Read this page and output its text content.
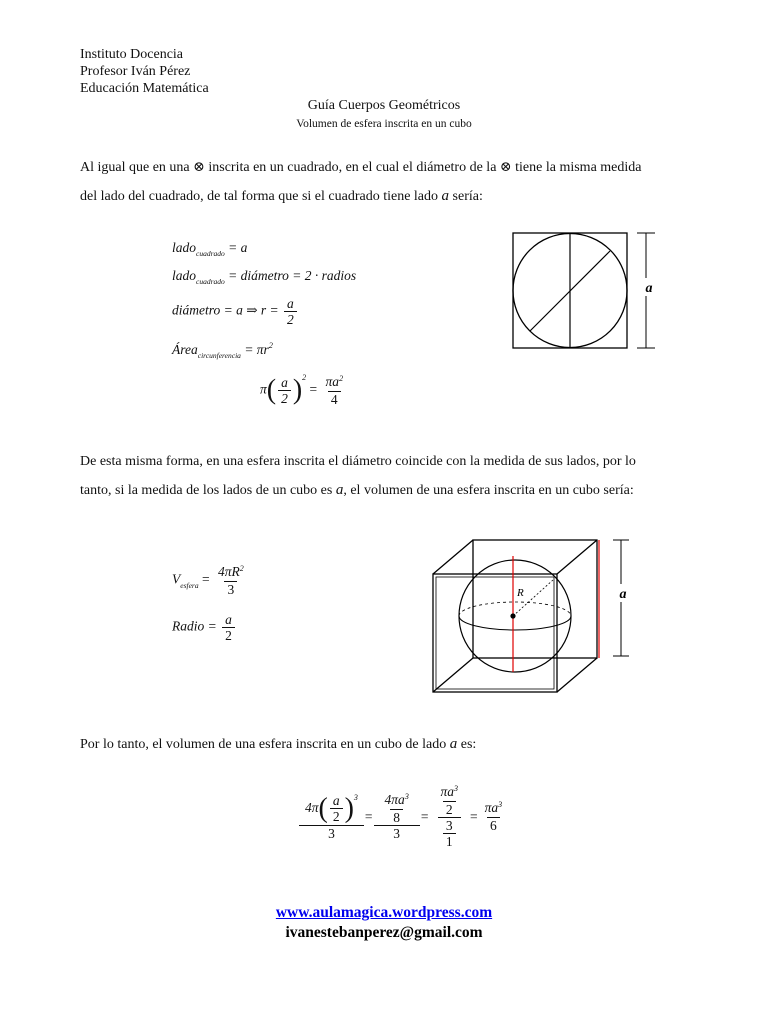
Instituto Docencia
Profesor Iván Pérez
Educación Matemática
Guía Cuerpos Geométricos
Volumen de esfera inscrita en un cubo
Al igual que en una ⊗ inscrita en un cuadrado, en el cual el diámetro de la ⊗ tiene la misma medida
del lado del cuadrado, de tal forma que si el cuadrado tiene lado a sería:
lado$_{cuadrado}$ = a
lado$_{cuadrado}$ = diámetro = 2 · radios
diámetro = a ⇒ $r = \frac{a}{2}$
Área$_{circunferencia}$ = $\pi r^2$
$\pi( \frac{a}{2} )^2 = \frac{\pi a^2}{4}$
a
De esta misma forma, en una esfera inscrita el diámetro coincide con la medida de sus lados, por lo
tanto, si la medida de los lados de un cubo es a, el volumen de una esfera inscrita en un cubo sería:
$V_{esfera} = \frac{4\pi R^2}{3}$
Radio = $\frac{a}{2}$
R	a
Por lo tanto, el volumen de una esfera inscrita en un cubo de lado a es:
$\frac{4\pi( \frac{a}{2} )^3}{3} = \frac{\frac{4\pi a^3}{8}}{3} = \frac{\frac{\pi a^3}{2}}{\frac{3}{1}} = \frac{\pi a^3}{6}$
www.aulamagica.wordpress.com
ivanestebanperez@gmail.com
